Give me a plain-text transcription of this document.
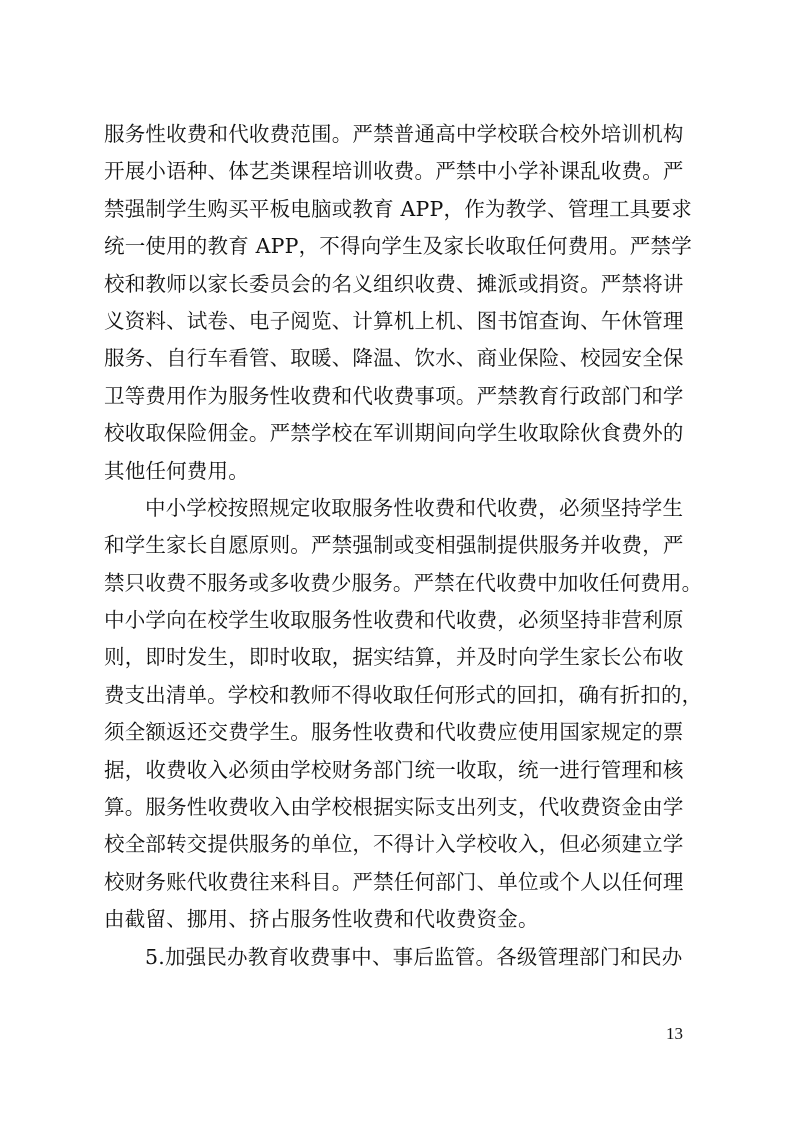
服务性收费和代收费范围。严禁普通高中学校联合校外培训机构
开展小语种、体艺类课程培训收费。严禁中小学补课乱收费。严
禁强制学生购买平板电脑或教育 APP，作为教学、管理工具要求
统一使用的教育 APP，不得向学生及家长收取任何费用。严禁学
校和教师以家长委员会的名义组织收费、摊派或捐资。严禁将讲
义资料、试卷、电子阅览、计算机上机、图书馆查询、午休管理
服务、自行车看管、取暖、降温、饮水、商业保险、校园安全保
卫等费用作为服务性收费和代收费事项。严禁教育行政部门和学
校收取保险佣金。严禁学校在军训期间向学生收取除伙食费外的
其他任何费用。
中小学校按照规定收取服务性收费和代收费，必须坚持学生
和学生家长自愿原则。严禁强制或变相强制提供服务并收费，严
禁只收费不服务或多收费少服务。严禁在代收费中加收任何费用。
中小学向在校学生收取服务性收费和代收费，必须坚持非营利原
则，即时发生，即时收取，据实结算，并及时向学生家长公布收
费支出清单。学校和教师不得收取任何形式的回扣，确有折扣的，
须全额返还交费学生。服务性收费和代收费应使用国家规定的票
据，收费收入必须由学校财务部门统一收取，统一进行管理和核
算。服务性收费收入由学校根据实际支出列支，代收费资金由学
校全部转交提供服务的单位，不得计入学校收入，但必须建立学
校财务账代收费往来科目。严禁任何部门、单位或个人以任何理
由截留、挪用、挤占服务性收费和代收费资金。
5.加强民办教育收费事中、事后监管。各级管理部门和民办
13
